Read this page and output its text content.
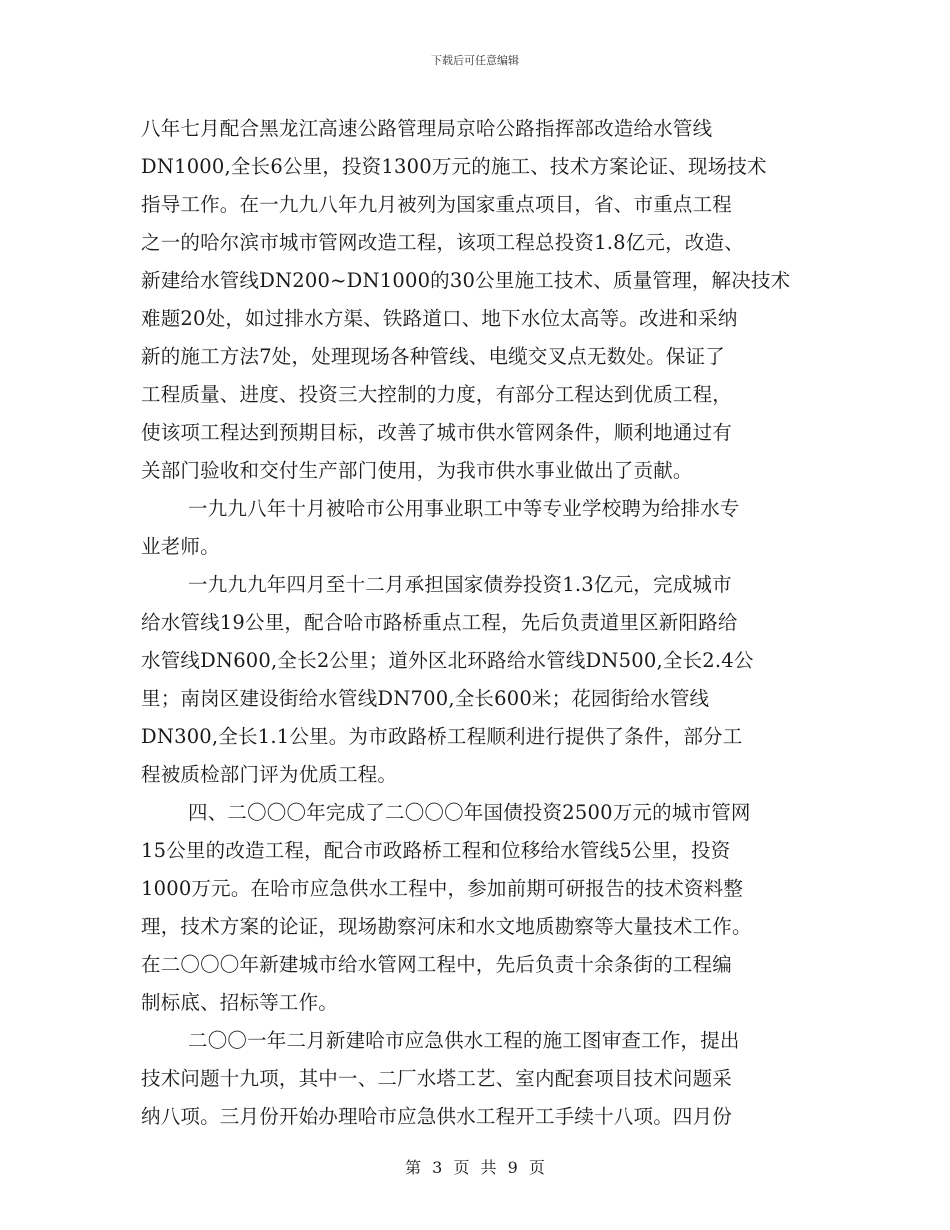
下载后可任意编辑
八年七月配合黑龙江高速公路管理局京哈公路指挥部改造给水管线
DN1000,全长6公里，投资1300万元的施工、技术方案论证、现场技术
指导工作。在一九九八年九月被列为国家重点项目，省、市重点工程
之一的哈尔滨市城市管网改造工程，该项工程总投资1.8亿元，改造、
新建给水管线DN200~DN1000的30公里施工技术、质量管理，解决技术
难题20处，如过排水方渠、铁路道口、地下水位太高等。改进和采纳
新的施工方法7处，处理现场各种管线、电缆交叉点无数处。保证了
工程质量、进度、投资三大控制的力度，有部分工程达到优质工程，
使该项工程达到预期目标，改善了城市供水管网条件，顺利地通过有
关部门验收和交付生产部门使用，为我市供水事业做出了贡献。
一九九八年十月被哈市公用事业职工中等专业学校聘为给排水专
业老师。
一九九九年四月至十二月承担国家债券投资1.3亿元，完成城市
给水管线19公里，配合哈市路桥重点工程，先后负责道里区新阳路给
水管线DN600,全长2公里；道外区北环路给水管线DN500,全长2.4公
里；南岗区建设街给水管线DN700,全长600米；花园街给水管线
DN300,全长1.1公里。为市政路桥工程顺利进行提供了条件，部分工
程被质检部门评为优质工程。
四、二〇〇〇年完成了二〇〇〇年国债投资2500万元的城市管网
15公里的改造工程，配合市政路桥工程和位移给水管线5公里，投资
1000万元。在哈市应急供水工程中，参加前期可研报告的技术资料整
理，技术方案的论证，现场勘察河床和水文地质勘察等大量技术工作。
在二〇〇〇年新建城市给水管网工程中，先后负责十余条街的工程编
制标底、招标等工作。
二〇〇一年二月新建哈市应急供水工程的施工图审查工作，提出
技术问题十九项，其中一、二厂水塔工艺、室内配套项目技术问题采
纳八项。三月份开始办理哈市应急供水工程开工手续十八项。四月份
第 3 页 共 9 页
